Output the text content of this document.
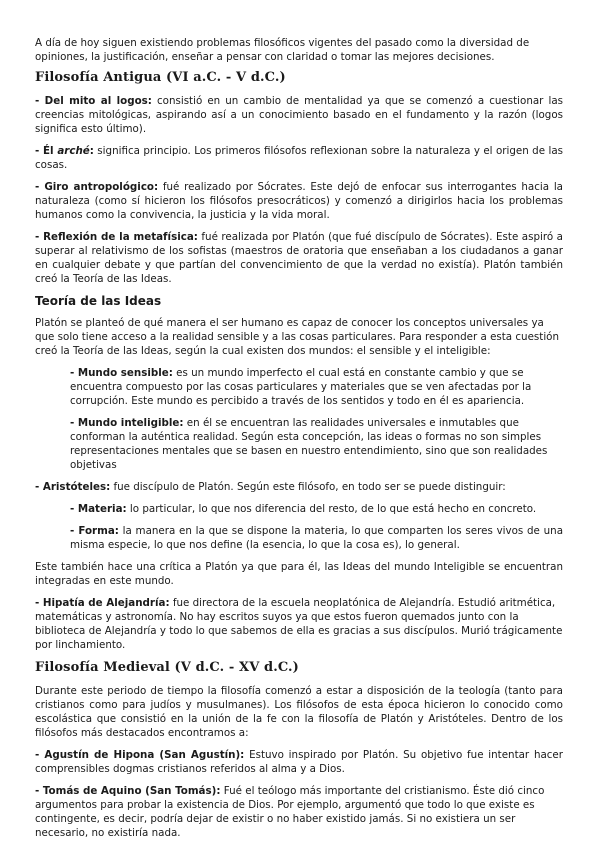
A día de hoy siguen existiendo problemas filosóficos vigentes del pasado como la diversidad de opiniones, la justificación, enseñar a pensar con claridad o tomar las mejores decisiones.

Filosofía Antigua (VI a.C. - V d.C.)

- Del mito al logos: consistió en un cambio de mentalidad ya que se comenzó a cuestionar las creencias mitológicas, aspirando así a un conocimiento basado en el fundamento y la razón (logos significa esto último).

- Él arché: significa principio. Los primeros filósofos reflexionan sobre la naturaleza y el origen de las cosas.

- Giro antropológico: fué realizado por Sócrates. Este dejó de enfocar sus interrogantes hacia la naturaleza (como sí hicieron los filósofos presocráticos) y comenzó a dirigirlos hacia los problemas humanos como la convivencia, la justicia y la vida moral.

- Reflexión de la metafísica: fué realizada por Platón (que fué discípulo de Sócrates). Este aspiró a superar al relativismo de los sofistas (maestros de oratoria que enseñaban a los ciudadanos a ganar en cualquier debate y que partían del convencimiento de que la verdad no existía). Platón también creó la Teoría de las Ideas.

Teoría de las Ideas

Platón se planteó de qué manera el ser humano es capaz de conocer los conceptos universales ya que solo tiene acceso a la realidad sensible y a las cosas particulares. Para responder a esta cuestión creó la Teoría de las Ideas, según la cual existen dos mundos: el sensible y el inteligible:

- Mundo sensible: es un mundo imperfecto el cual está en constante cambio y que se encuentra compuesto por las cosas particulares y materiales que se ven afectadas por la corrupción. Este mundo es percibido a través de los sentidos y todo en él es apariencia.

- Mundo inteligible: en él se encuentran las realidades universales e inmutables que conforman la auténtica realidad. Según esta concepción, las ideas o formas no son simples representaciones mentales que se basen en nuestro entendimiento, sino que son realidades objetivas

- Aristóteles: fue discípulo de Platón. Según este filósofo, en todo ser se puede distinguir:

- Materia: lo particular, lo que nos diferencia del resto, de lo que está hecho en concreto.

- Forma: la manera en la que se dispone la materia, lo que comparten los seres vivos de una misma especie, lo que nos define (la esencia, lo que la cosa es), lo general.

Este también hace una crítica a Platón ya que para él, las Ideas del mundo Inteligible se encuentran integradas en este mundo.

- Hipatía de Alejandría: fue directora de la escuela neoplatónica de Alejandría. Estudió aritmética, matemáticas y astronomía. No hay escritos suyos ya que estos fueron quemados junto con la biblioteca de Alejandría y todo lo que sabemos de ella es gracias a sus discípulos. Murió trágicamente por linchamiento.

Filosofía Medieval (V d.C. - XV d.C.)

Durante este periodo de tiempo la filosofía comenzó a estar a disposición de la teología (tanto para cristianos como para judíos y musulmanes). Los filósofos de esta época hicieron lo conocido como escolástica que consistió en la unión de la fe con la filosofía de Platón y Aristóteles. Dentro de los filósofos más destacados encontramos a:

- Agustín de Hipona (San Agustín): Estuvo inspirado por Platón. Su objetivo fue intentar hacer comprensibles dogmas cristianos referidos al alma y a Dios.

- Tomás de Aquino (San Tomás): Fué el teólogo más importante del cristianismo. Éste dió cinco argumentos para probar la existencia de Dios. Por ejemplo, argumentó que todo lo que existe es contingente, es decir, podría dejar de existir o no haber existido jamás. Si no existiera un ser necesario, no existiría nada.
